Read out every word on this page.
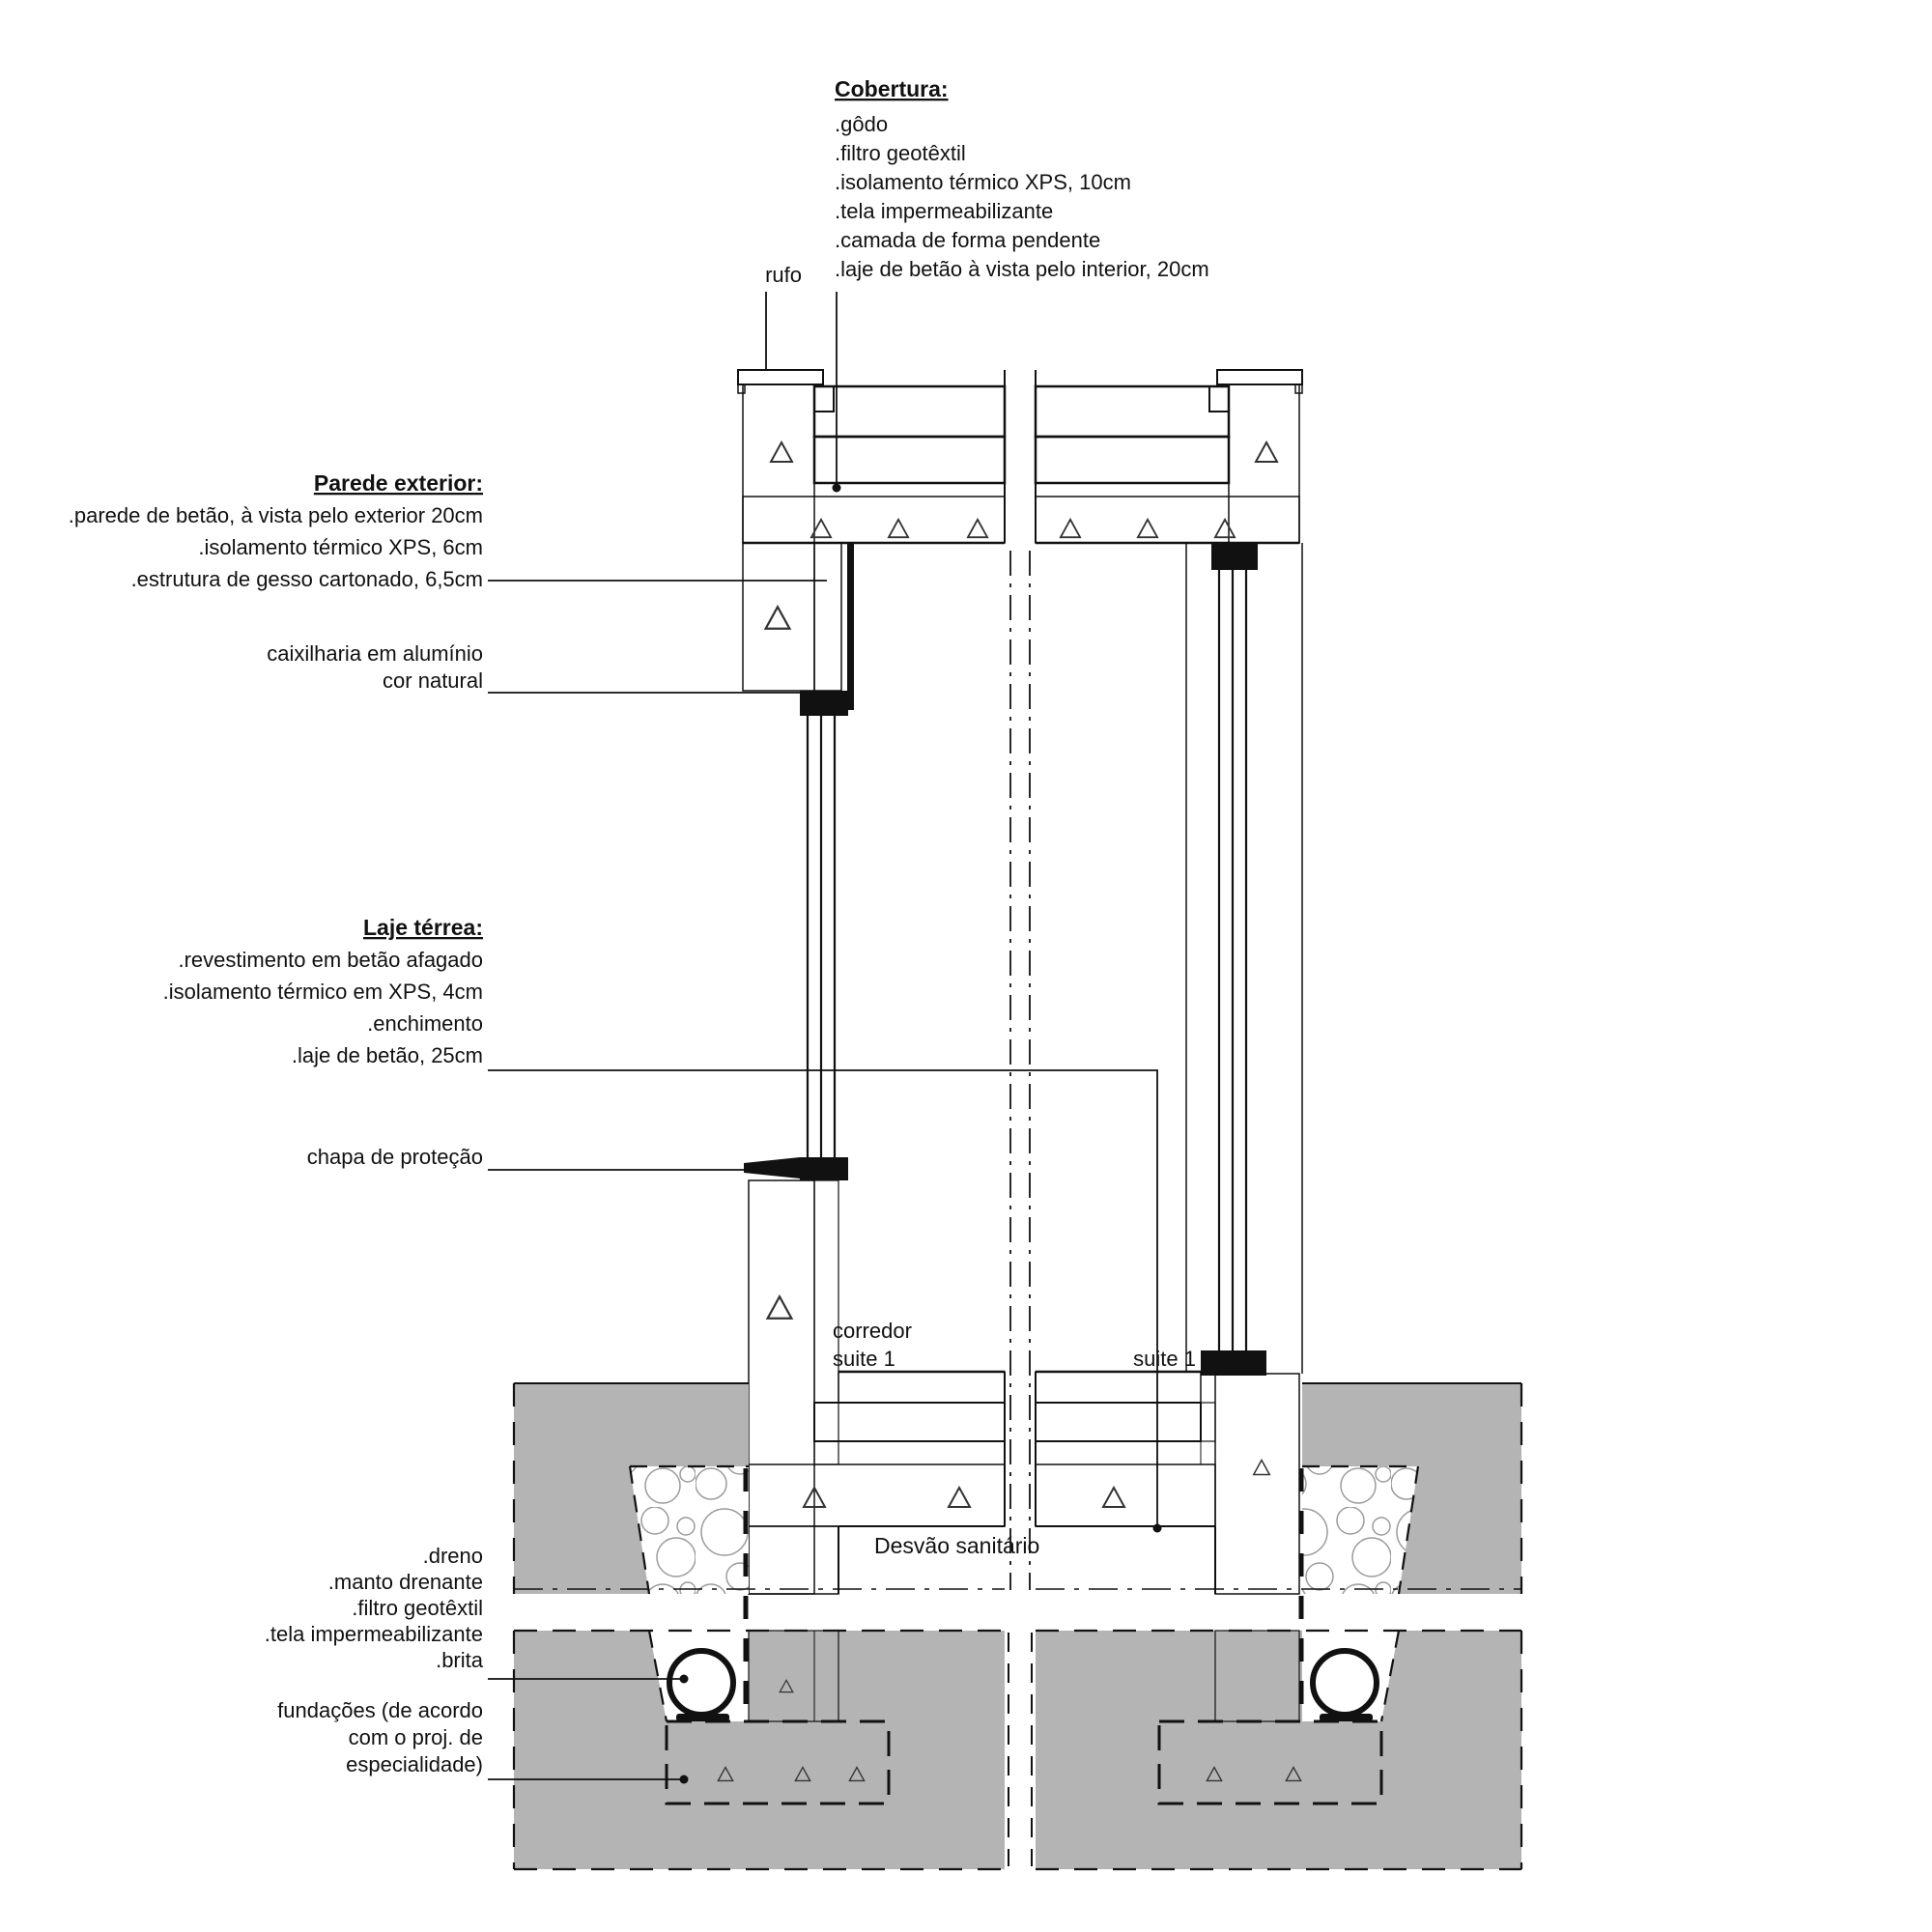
Cobertura:
.gôdo
.filtro geotêxtil
.isolamento térmico XPS, 10cm
.tela impermeabilizante
.camada de forma pendente
.laje de betão à vista pelo interior, 20cm
rufo
Parede exterior:
.parede de betão, à vista pelo exterior 20cm
.isolamento térmico XPS, 6cm
.estrutura de gesso cartonado, 6,5cm
caixilharia em alumínio
cor natural
Laje térrea:
.revestimento em betão afagado
.isolamento térmico em XPS, 4cm
.enchimento
.laje de betão, 25cm
chapa de proteção
.dreno
.manto drenante
.filtro geotêxtil
.tela impermeabilizante
.brita
fundações (de acordo
com o proj. de
especialidade)
corredor
suite 1	suite 1
Desvão sanitário
